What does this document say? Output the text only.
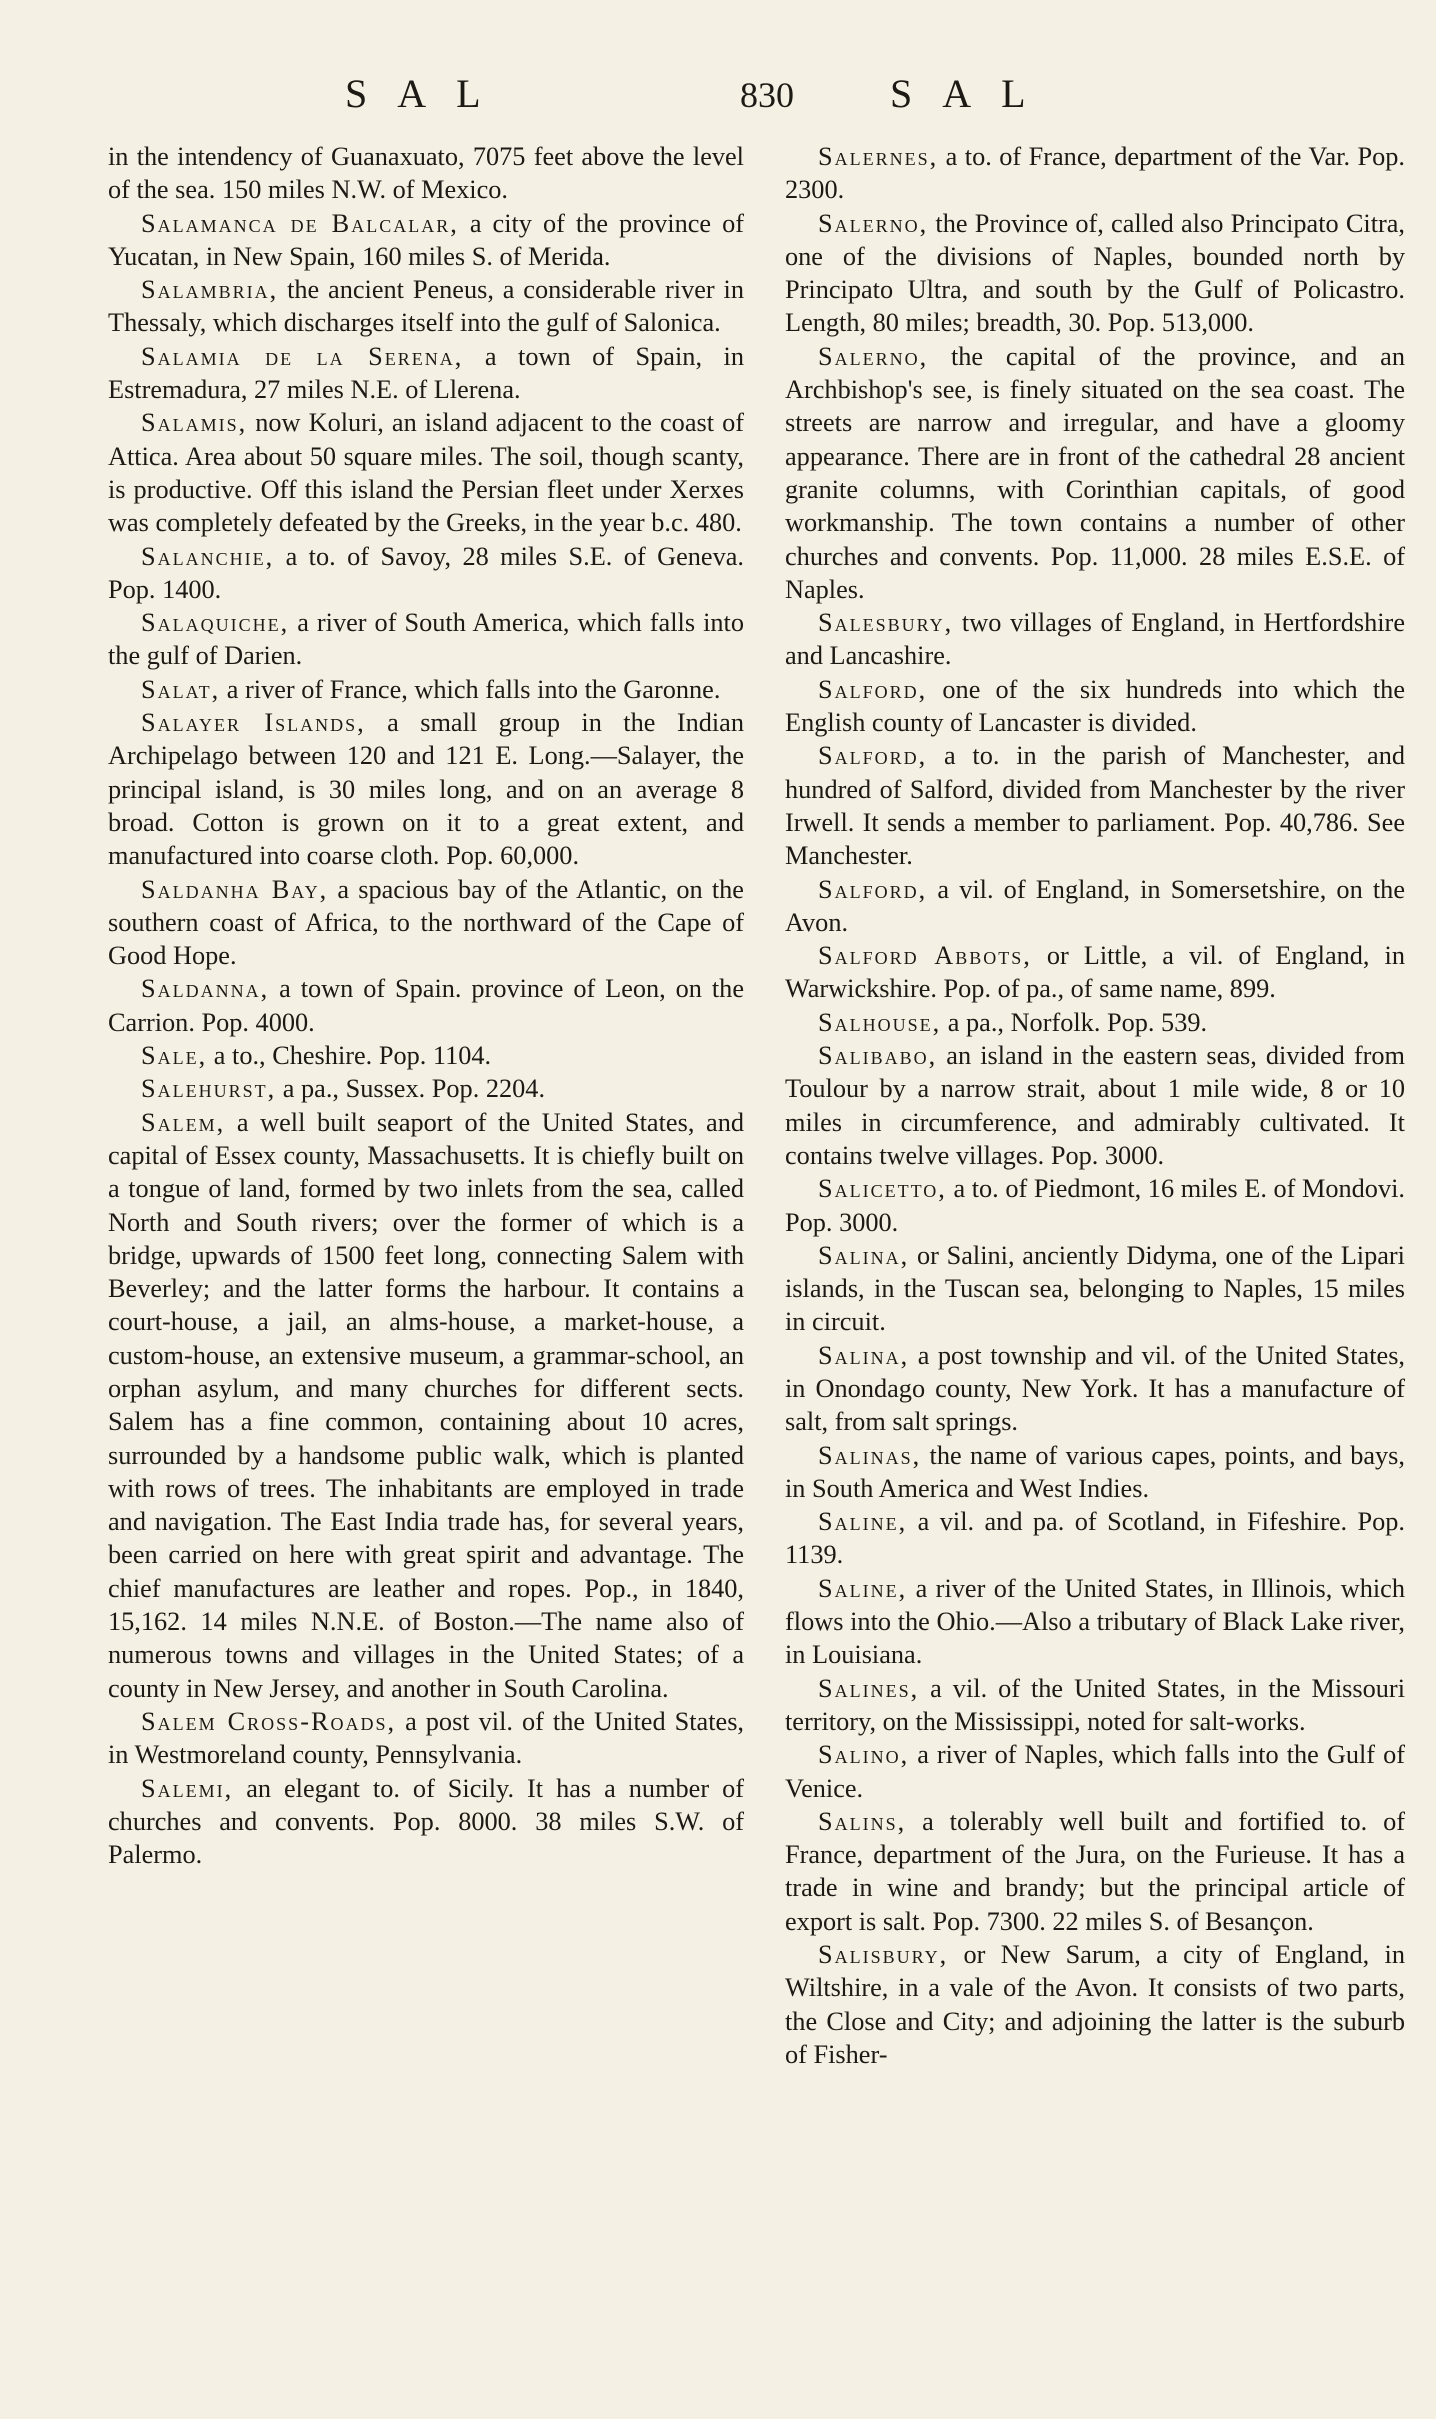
SAL	830 SAL

in the intendency of Guanaxuato, 7075 feet above the level of the sea. 150 miles N.W. of Mexico.

Salamanca de Balcalar, a city of the province of Yucatan, in New Spain, 160 miles S. of Merida.

Salambria, the ancient Peneus, a considerable river in Thessaly, which discharges itself into the gulf of Salonica.

Salamia de la Serena, a town of Spain, in Estremadura, 27 miles N.E. of Llerena.

Salamis, now Koluri, an island adjacent to the coast of Attica. Area about 50 square miles. The soil, though scanty, is productive. Off this island the Persian fleet under Xerxes was completely defeated by the Greeks, in the year b.c. 480.

Salanchie, a to. of Savoy, 28 miles S.E. of Geneva. Pop. 1400.

Salaquiche, a river of South America, which falls into the gulf of Darien.

Salat, a river of France, which falls into the Garonne.

Salayer Islands, a small group in the Indian Archipelago between 120 and 121 E. Long.—Salayer, the principal island, is 30 miles long, and on an average 8 broad. Cotton is grown on it to a great extent, and manufactured into coarse cloth. Pop. 60,000.

Saldanha Bay, a spacious bay of the Atlantic, on the southern coast of Africa, to the northward of the Cape of Good Hope.

Saldanna, a town of Spain. province of Leon, on the Carrion. Pop. 4000.

Sale, a to., Cheshire. Pop. 1104.

Salehurst, a pa., Sussex. Pop. 2204.

Salem, a well built seaport of the United States, and capital of Essex county, Massachusetts. It is chiefly built on a tongue of land, formed by two inlets from the sea, called North and South rivers; over the former of which is a bridge, upwards of 1500 feet long, connecting Salem with Beverley; and the latter forms the harbour. It contains a court-house, a jail, an alms-house, a market-house, a custom-house, an extensive museum, a grammar-school, an orphan asylum, and many churches for different sects. Salem has a fine common, containing about 10 acres, surrounded by a handsome public walk, which is planted with rows of trees. The inhabitants are employed in trade and navigation. The East India trade has, for several years, been carried on here with great spirit and advantage. The chief manufactures are leather and ropes. Pop., in 1840, 15,162. 14 miles N.N.E. of Boston.—The name also of numerous towns and villages in the United States; of a county in New Jersey, and another in South Carolina.

Salem Cross-Roads, a post vil. of the United States, in Westmoreland county, Pennsylvania.

Salemi, an elegant to. of Sicily. It has a number of churches and convents. Pop. 8000. 38 miles S.W. of Palermo.

Salernes, a to. of France, department of the Var. Pop. 2300.

Salerno, the Province of, called also Principato Citra, one of the divisions of Naples, bounded north by Principato Ultra, and south by the Gulf of Policastro. Length, 80 miles; breadth, 30. Pop. 513,000.

Salerno, the capital of the province, and an Archbishop's see, is finely situated on the sea coast. The streets are narrow and irregular, and have a gloomy appearance. There are in front of the cathedral 28 ancient granite columns, with Corinthian capitals, of good workmanship. The town contains a number of other churches and convents. Pop. 11,000. 28 miles E.S.E. of Naples.

Salesbury, two villages of England, in Hertfordshire and Lancashire.

Salford, one of the six hundreds into which the English county of Lancaster is divided.

Salford, a to. in the parish of Manchester, and hundred of Salford, divided from Manchester by the river Irwell. It sends a member to parliament. Pop. 40,786. See Manchester.

Salford, a vil. of England, in Somersetshire, on the Avon.

Salford Abbots, or Little, a vil. of England, in Warwickshire. Pop. of pa., of same name, 899.

Salhouse, a pa., Norfolk. Pop. 539.

Salibabo, an island in the eastern seas, divided from Toulour by a narrow strait, about 1 mile wide, 8 or 10 miles in circumference, and admirably cultivated. It contains twelve villages. Pop. 3000.

Salicetto, a to. of Piedmont, 16 miles E. of Mondovi. Pop. 3000.

Salina, or Salini, anciently Didyma, one of the Lipari islands, in the Tuscan sea, belonging to Naples, 15 miles in circuit.

Salina, a post township and vil. of the United States, in Onondago county, New York. It has a manufacture of salt, from salt springs.

Salinas, the name of various capes, points, and bays, in South America and West Indies.

Saline, a vil. and pa. of Scotland, in Fifeshire. Pop. 1139.

Saline, a river of the United States, in Illinois, which flows into the Ohio.—Also a tributary of Black Lake river, in Louisiana.

Salines, a vil. of the United States, in the Missouri territory, on the Mississippi, noted for salt-works.

Salino, a river of Naples, which falls into the Gulf of Venice.

Salins, a tolerably well built and fortified to. of France, department of the Jura, on the Furieuse. It has a trade in wine and brandy; but the principal article of export is salt. Pop. 7300. 22 miles S. of Besançon.

Salisbury, or New Sarum, a city of England, in Wiltshire, in a vale of the Avon. It consists of two parts, the Close and City; and adjoining the latter is the suburb of Fisher-
